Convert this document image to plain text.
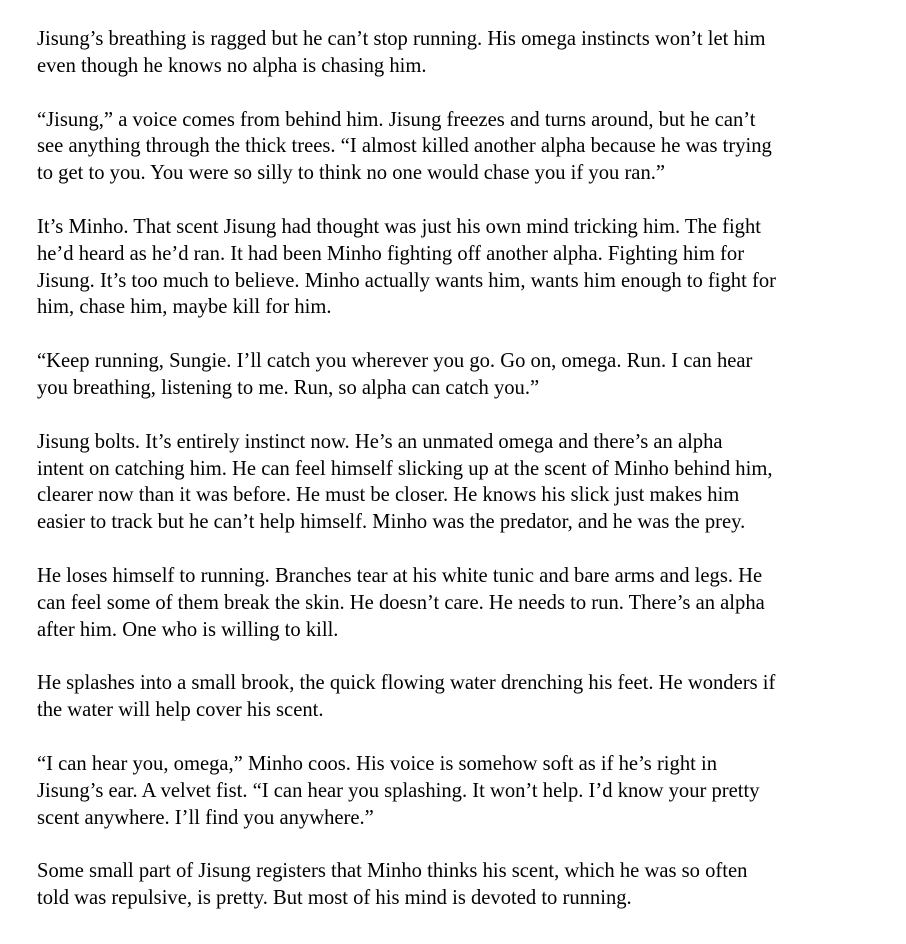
Jisung’s breathing is ragged but he can’t stop running. His omega instincts won’t let him
even though he knows no alpha is chasing him.

“Jisung,” a voice comes from behind him. Jisung freezes and turns around, but he can’t
see anything through the thick trees. “I almost killed another alpha because he was trying
to get to you. You were so silly to think no one would chase you if you ran.”

It’s Minho. That scent Jisung had thought was just his own mind tricking him. The fight
he’d heard as he’d ran. It had been Minho fighting off another alpha. Fighting him for
Jisung. It’s too much to believe. Minho actually wants him, wants him enough to fight for
him, chase him, maybe kill for him.

“Keep running, Sungie. I’ll catch you wherever you go. Go on, omega. Run. I can hear
you breathing, listening to me. Run, so alpha can catch you.”

Jisung bolts. It’s entirely instinct now. He’s an unmated omega and there’s an alpha
intent on catching him. He can feel himself slicking up at the scent of Minho behind him,
clearer now than it was before. He must be closer. He knows his slick just makes him
easier to track but he can’t help himself. Minho was the predator, and he was the prey.

He loses himself to running. Branches tear at his white tunic and bare arms and legs. He
can feel some of them break the skin. He doesn’t care. He needs to run. There’s an alpha
after him. One who is willing to kill.

He splashes into a small brook, the quick flowing water drenching his feet. He wonders if
the water will help cover his scent.

“I can hear you, omega,” Minho coos. His voice is somehow soft as if he’s right in
Jisung’s ear. A velvet fist. “I can hear you splashing. It won’t help. I’d know your pretty
scent anywhere. I’ll find you anywhere.”

Some small part of Jisung registers that Minho thinks his scent, which he was so often
told was repulsive, is pretty. But most of his mind is devoted to running.
